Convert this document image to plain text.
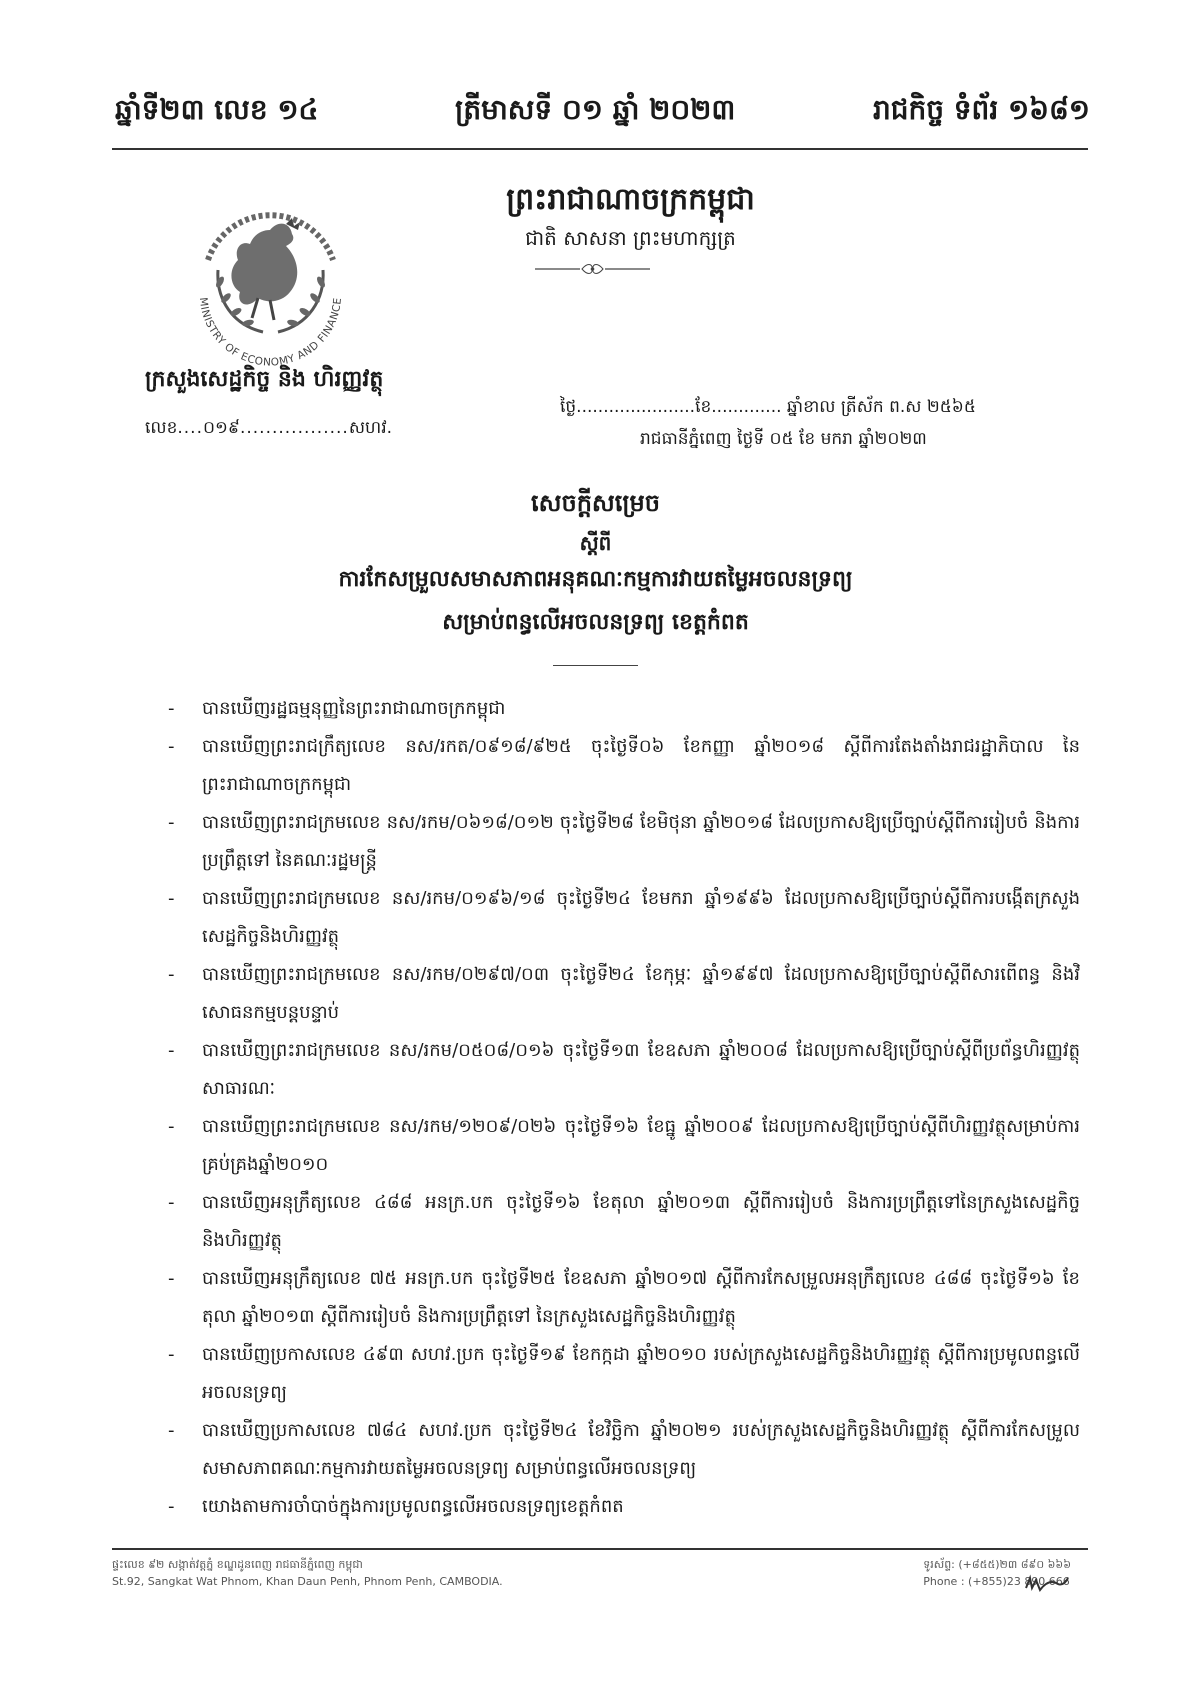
ឆ្នាំទី២៣ លេខ ១៤	ត្រីមាសទី ០១ ឆ្នាំ ២០២៣	រាជកិច្ច ទំព័រ ១៦៨១
MINISTRY OF ECONOMY AND FINANCE
ក្រសួងសេដ្ឋកិច្ច និង ហិរញ្ញវត្ថុ
លេខ....០១៩.................សហវ.
ព្រះរាជាណាចក្រកម្ពុជា
ជាតិ សាសនា ព្រះមហាក្សត្រ
ថ្ងៃ......................ខែ............. ឆ្នាំខាល ត្រីស័ក ព.ស ២៥៦៥
រាជធានីភ្នំពេញ ថ្ងៃទី ០៥ ខែ មករា ឆ្នាំ២០២៣
សេចក្តីសម្រេច
ស្តីពី
ការកែសម្រួលសមាសភាពអនុគណៈកម្មការវាយតម្លៃអចលនទ្រព្យ
សម្រាប់ពន្ធលើអចលនទ្រព្យ ខេត្តកំពត
- បានឃើញរដ្ឋធម្មនុញ្ញនៃព្រះរាជាណាចក្រកម្ពុជា
- បានឃើញព្រះរាជក្រឹត្យលេខ នស/រកត/០៩១៨/៩២៥ ចុះថ្ងៃទី០៦ ខែកញ្ញា ឆ្នាំ២០១៨ ស្តីពីការតែងតាំងរាជរដ្ឋាភិបាល នៃព្រះរាជាណាចក្រកម្ពុជា
- បានឃើញព្រះរាជក្រមលេខ នស/រកម/០៦១៨/០១២ ចុះថ្ងៃទី២៨ ខែមិថុនា ឆ្នាំ២០១៨ ដែលប្រកាសឱ្យប្រើច្បាប់ស្តីពីការរៀបចំ និងការប្រព្រឹត្តទៅ នៃគណៈរដ្ឋមន្ត្រី
- បានឃើញព្រះរាជក្រមលេខ នស/រកម/០១៩៦/១៨ ចុះថ្ងៃទី២៤ ខែមករា ឆ្នាំ១៩៩៦ ដែលប្រកាសឱ្យប្រើច្បាប់ស្តីពីការបង្កើតក្រសួងសេដ្ឋកិច្ចនិងហិរញ្ញវត្ថុ
- បានឃើញព្រះរាជក្រមលេខ នស/រកម/០២៩៧/០៣ ចុះថ្ងៃទី២៤ ខែកុម្ភៈ ឆ្នាំ១៩៩៧ ដែលប្រកាសឱ្យប្រើច្បាប់ស្តីពីសារពើពន្ធ និងវិសោធនកម្មបន្តបន្ទាប់
- បានឃើញព្រះរាជក្រមលេខ នស/រកម/០៥០៨/០១៦ ចុះថ្ងៃទី១៣ ខែឧសភា ឆ្នាំ២០០៨ ដែលប្រកាសឱ្យប្រើច្បាប់ស្តីពីប្រព័ន្ធហិរញ្ញវត្ថុសាធារណៈ
- បានឃើញព្រះរាជក្រមលេខ នស/រកម/១២០៩/០២៦ ចុះថ្ងៃទី១៦ ខែធ្នូ ឆ្នាំ២០០៩ ដែលប្រកាសឱ្យប្រើច្បាប់ស្តីពីហិរញ្ញវត្ថុសម្រាប់ការគ្រប់គ្រងឆ្នាំ២០១០
- បានឃើញអនុក្រឹត្យលេខ ៤៨៨ អនក្រ.បក ចុះថ្ងៃទី១៦ ខែតុលា ឆ្នាំ២០១៣ ស្តីពីការរៀបចំ និងការប្រព្រឹត្តទៅនៃក្រសួងសេដ្ឋកិច្ចនិងហិរញ្ញវត្ថុ
- បានឃើញអនុក្រឹត្យលេខ ៧៥ អនក្រ.បក ចុះថ្ងៃទី២៥ ខែឧសភា ឆ្នាំ២០១៧ ស្តីពីការកែសម្រួលអនុក្រឹត្យលេខ ៤៨៨ ចុះថ្ងៃទី១៦ ខែតុលា ឆ្នាំ២០១៣ ស្តីពីការរៀបចំ និងការប្រព្រឹត្តទៅ នៃក្រសួងសេដ្ឋកិច្ចនិងហិរញ្ញវត្ថុ
- បានឃើញប្រកាសលេខ ៤៩៣ សហវ.ប្រក ចុះថ្ងៃទី១៩ ខែកក្កដា ឆ្នាំ២០១០ របស់ក្រសួងសេដ្ឋកិច្ចនិងហិរញ្ញវត្ថុ ស្តីពីការប្រមូលពន្ធលើអចលនទ្រព្យ
- បានឃើញប្រកាសលេខ ៧៨៤ សហវ.ប្រក ចុះថ្ងៃទី២៤ ខែវិច្ឆិកា ឆ្នាំ២០២១ របស់ក្រសួងសេដ្ឋកិច្ចនិងហិរញ្ញវត្ថុ ស្តីពីការកែសម្រួលសមាសភាពគណៈកម្មការវាយតម្លៃអចលនទ្រព្យ សម្រាប់ពន្ធលើអចលនទ្រព្យ
- យោងតាមការចាំបាច់ក្នុងការប្រមូលពន្ធលើអចលនទ្រព្យខេត្តកំពត
ផ្ទះលេខ ៩២ សង្កាត់វត្តភ្នំ ខណ្ឌដូនពេញ រាជធានីភ្នំពេញ កម្ពុជា
St.92, Sangkat Wat Phnom, Khan Daun Penh, Phnom Penh, CAMBODIA.
ទូរស័ព្ទ: (+៨៥៥)២៣ ៨៩០ ៦៦៦
Phone : (+855)23 890 666
